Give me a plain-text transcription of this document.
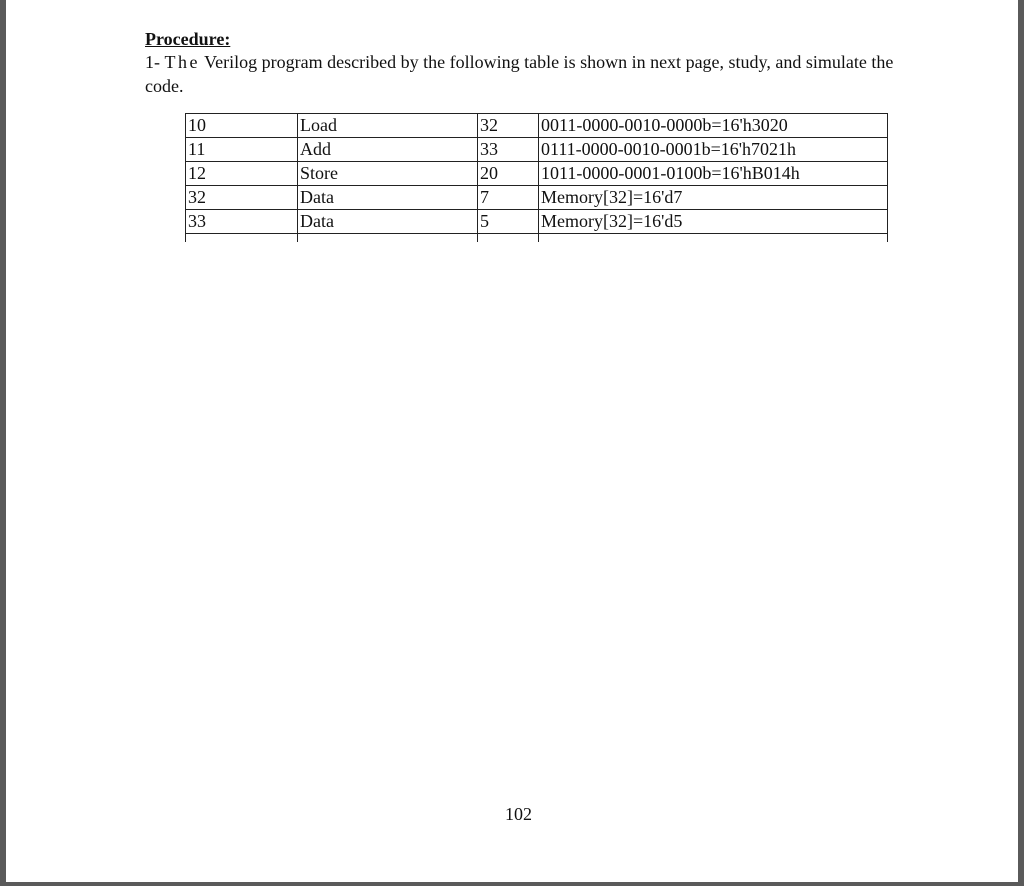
Procedure:
1- The Verilog program described by the following table is shown in next page, study, and simulate the code.
10	Load	32	0011-0000-0010-0000b=16'h3020
11	Add	33	0111-0000-0010-0001b=16'h7021h
12	Store	20	1011-0000-0001-0100b=16'hB014h
32	Data	7	Memory[32]=16'd7
33	Data	5	Memory[32]=16'd5

102
